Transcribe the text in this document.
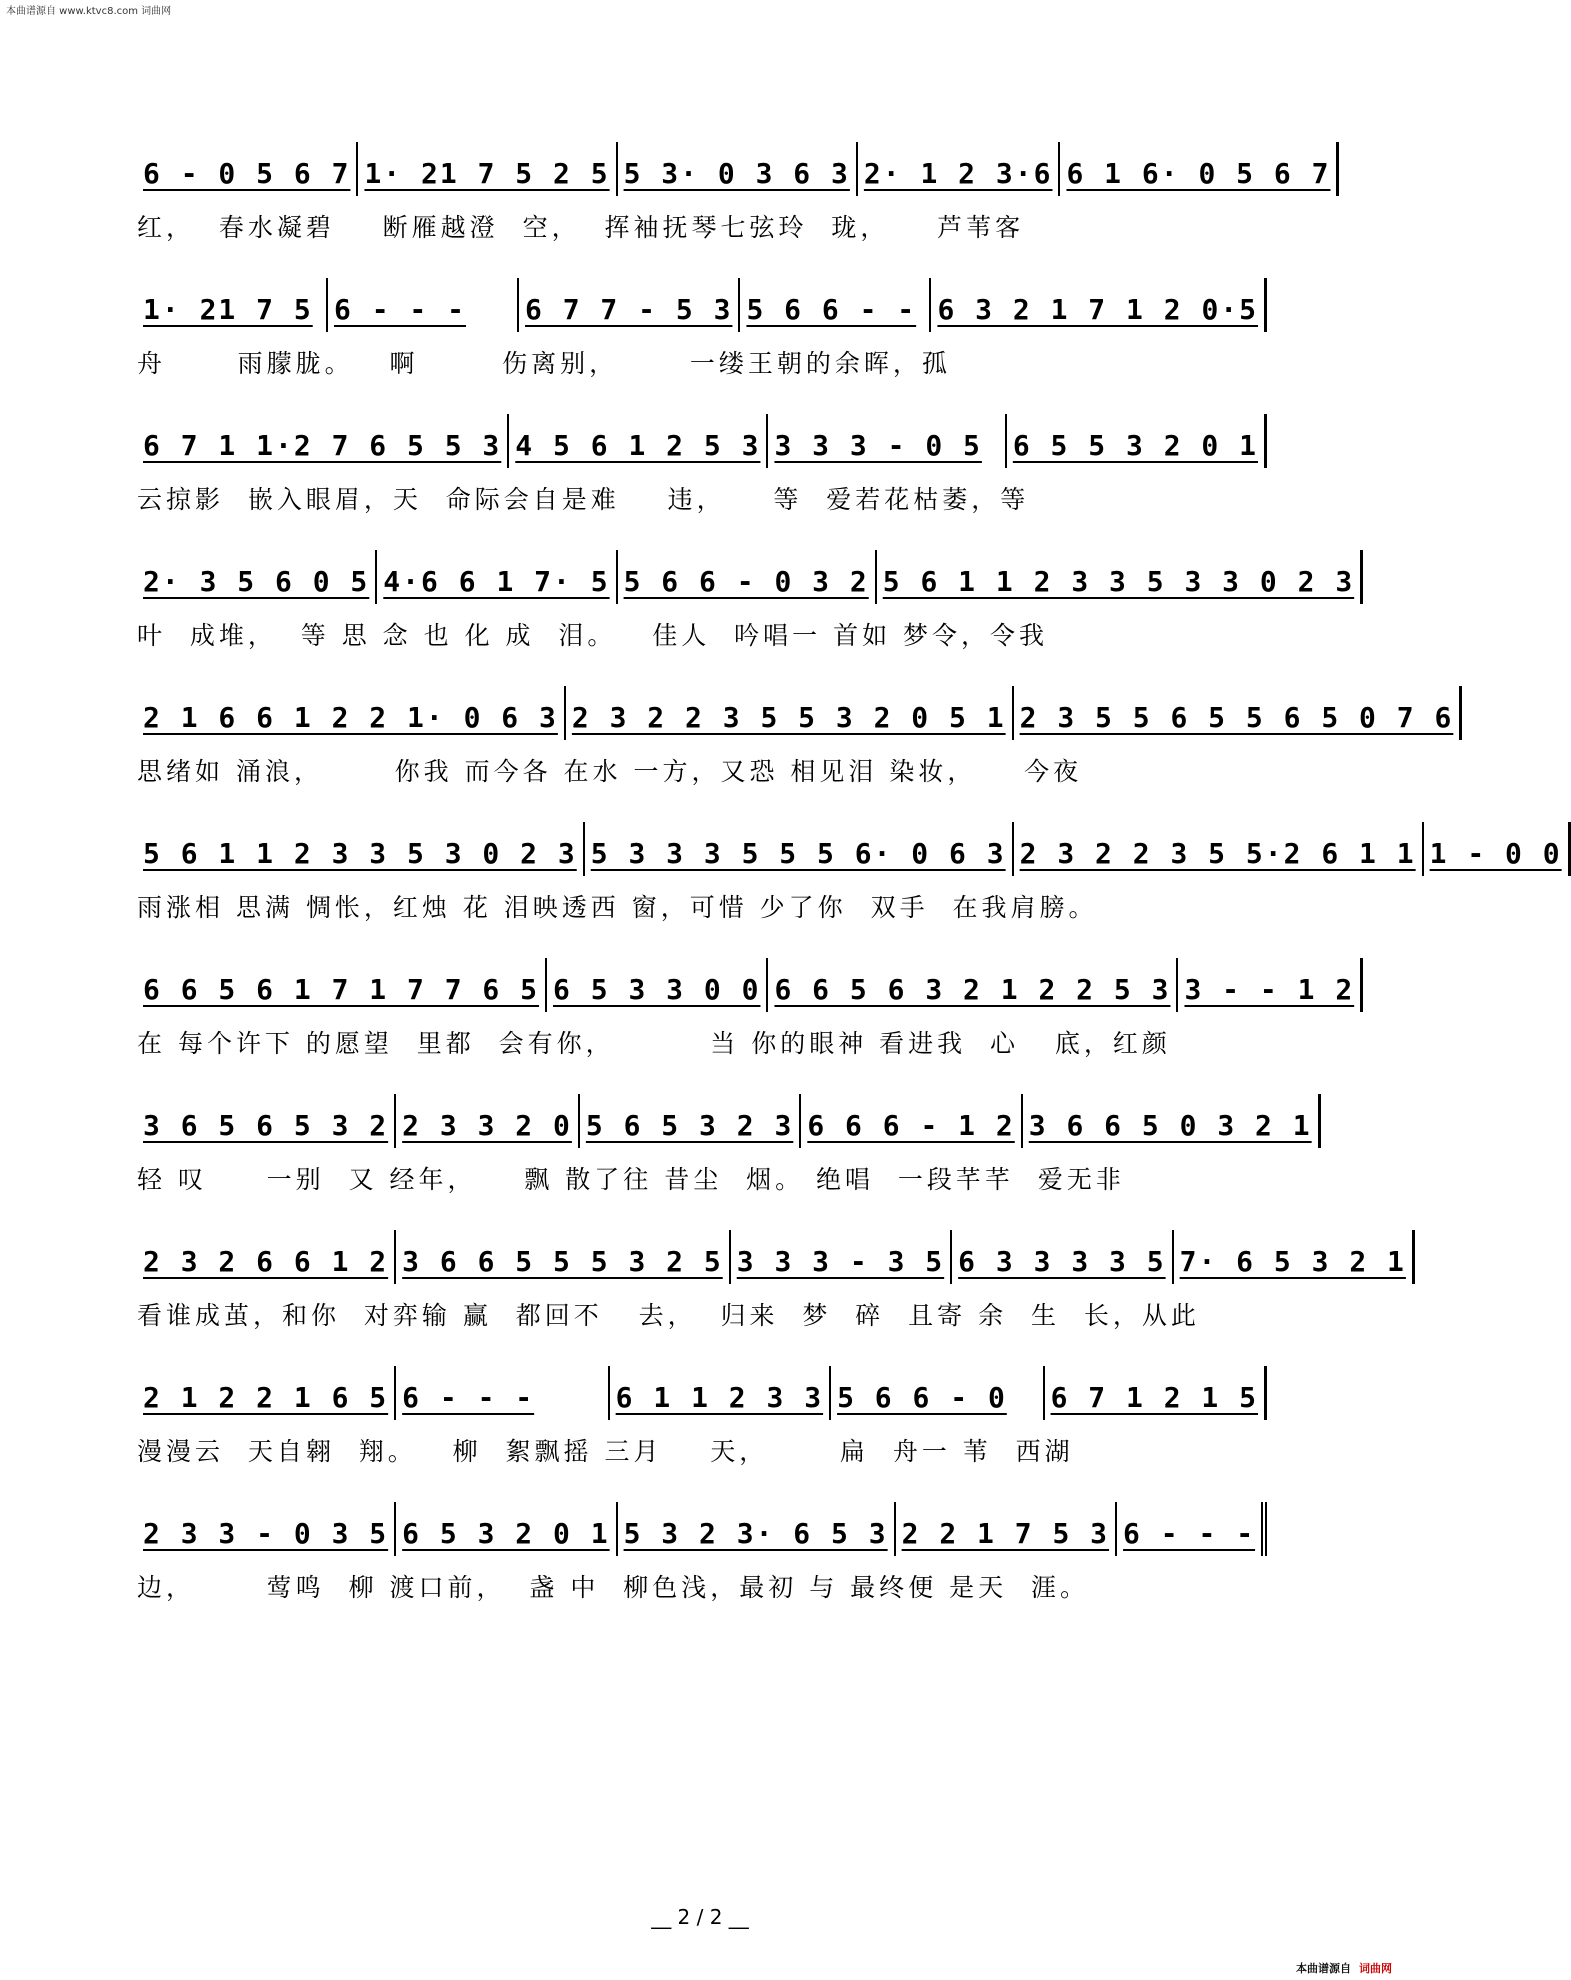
本曲谱源自 www.ktvc8.com 词曲网
6 - 0 5 6 7 1· 21 7 5 2 5 5 3· 0 3 6 3 2· 1 2 3·6 6 1 6· 0 5 6 7
红，  春水凝碧    断雁越澄  空，  挥袖抚琴七弦玲  珑，    芦苇客
1· 21 7 5 6 - - -	6 7 7 - 5 3 5 6 6 - - 6 3 2 1 7 1 2 0·5
舟      雨朦胧。   啊       伤离别，      一缕王朝的余晖，孤
6 7 1 1·2 7 6 5 5 3 4 5 6 1 2 5 3 3 3 3 - 0 5	6 5 5 3 2 0 1
云掠影  嵌入眼眉，天  命际会自是难    违，    等  爱若花枯萎，等
2· 3 5 6 0 5 4·6 6 1 7· 5 5 6 6 - 0 3 2 5 6 1 1 2 3 3 5 3 3 0 2 3
叶  成堆，  等 思 念 也 化 成  泪。   佳人  吟唱一 首如 梦令，令我
2 1 6 6 1 2 2 1· 0 6 3 2 3 2 2 3 5 5 3 2 0 5 1 2 3 5 5 6 5 5 6 5 0 7 6
思绪如 涌浪，      你我 而今各 在水 一方，又恐 相见泪 染妆，    今夜
5 6 1 1 2 3 3 5 3 0 2 3 5 3 3 3 5 5 5 6· 0 6 3 2 3 2 2 3 5 5·2 6 1 1 1 - 0 0
雨涨相 思满 惆怅，红烛 花 泪映透西 窗，可惜 少了你  双手  在我肩膀。
6 6 5 6 1 7 1 7 7 6 5 6 5 3 3 0 0 6 6 5 6 3 2 1 2 2 5 3 3 - - 1 2
在 每个许下 的愿望  里都  会有你，        当 你的眼神 看进我  心   底，红颜
3 6 5 6 5 3 2 2 3 3 2 0 5 6 5 3 2 3 6 6 6 - 1 2 3 6 6 5 0 3 2 1
轻 叹     一别  又 经年，    飘 散了往 昔尘  烟。 绝唱  一段芊芊  爱无非
2 3 2 6 6 1 2 3 6 6 5 5 5 3 2 5 3 3 3 - 3 5 6 3 3 3 3 5 7· 6 5 3 2 1
看谁成茧，和你  对弈输 赢  都回不   去，  归来  梦  碎  且寄 余  生  长，从此
2 1 2 2 1 6 5 6 - - -	6 1 1 2 3 3 5 6 6 - 0	6 7 1 2 1 5
漫漫云  天自翱  翔。   柳  絮飘摇 三月    天，      扁  舟一 苇  西湖
2 3 3 - 0 3 5 6 5 3 2 0 1 5 3 2 3· 6 5 3 2 2 1 7 5 3 6 - - -
边，      莺鸣  柳 渡口前，  盏 中  柳色浅，最初 与 最终便 是天  涯。
__ 2 / 2 __
本曲谱源自 词曲网
